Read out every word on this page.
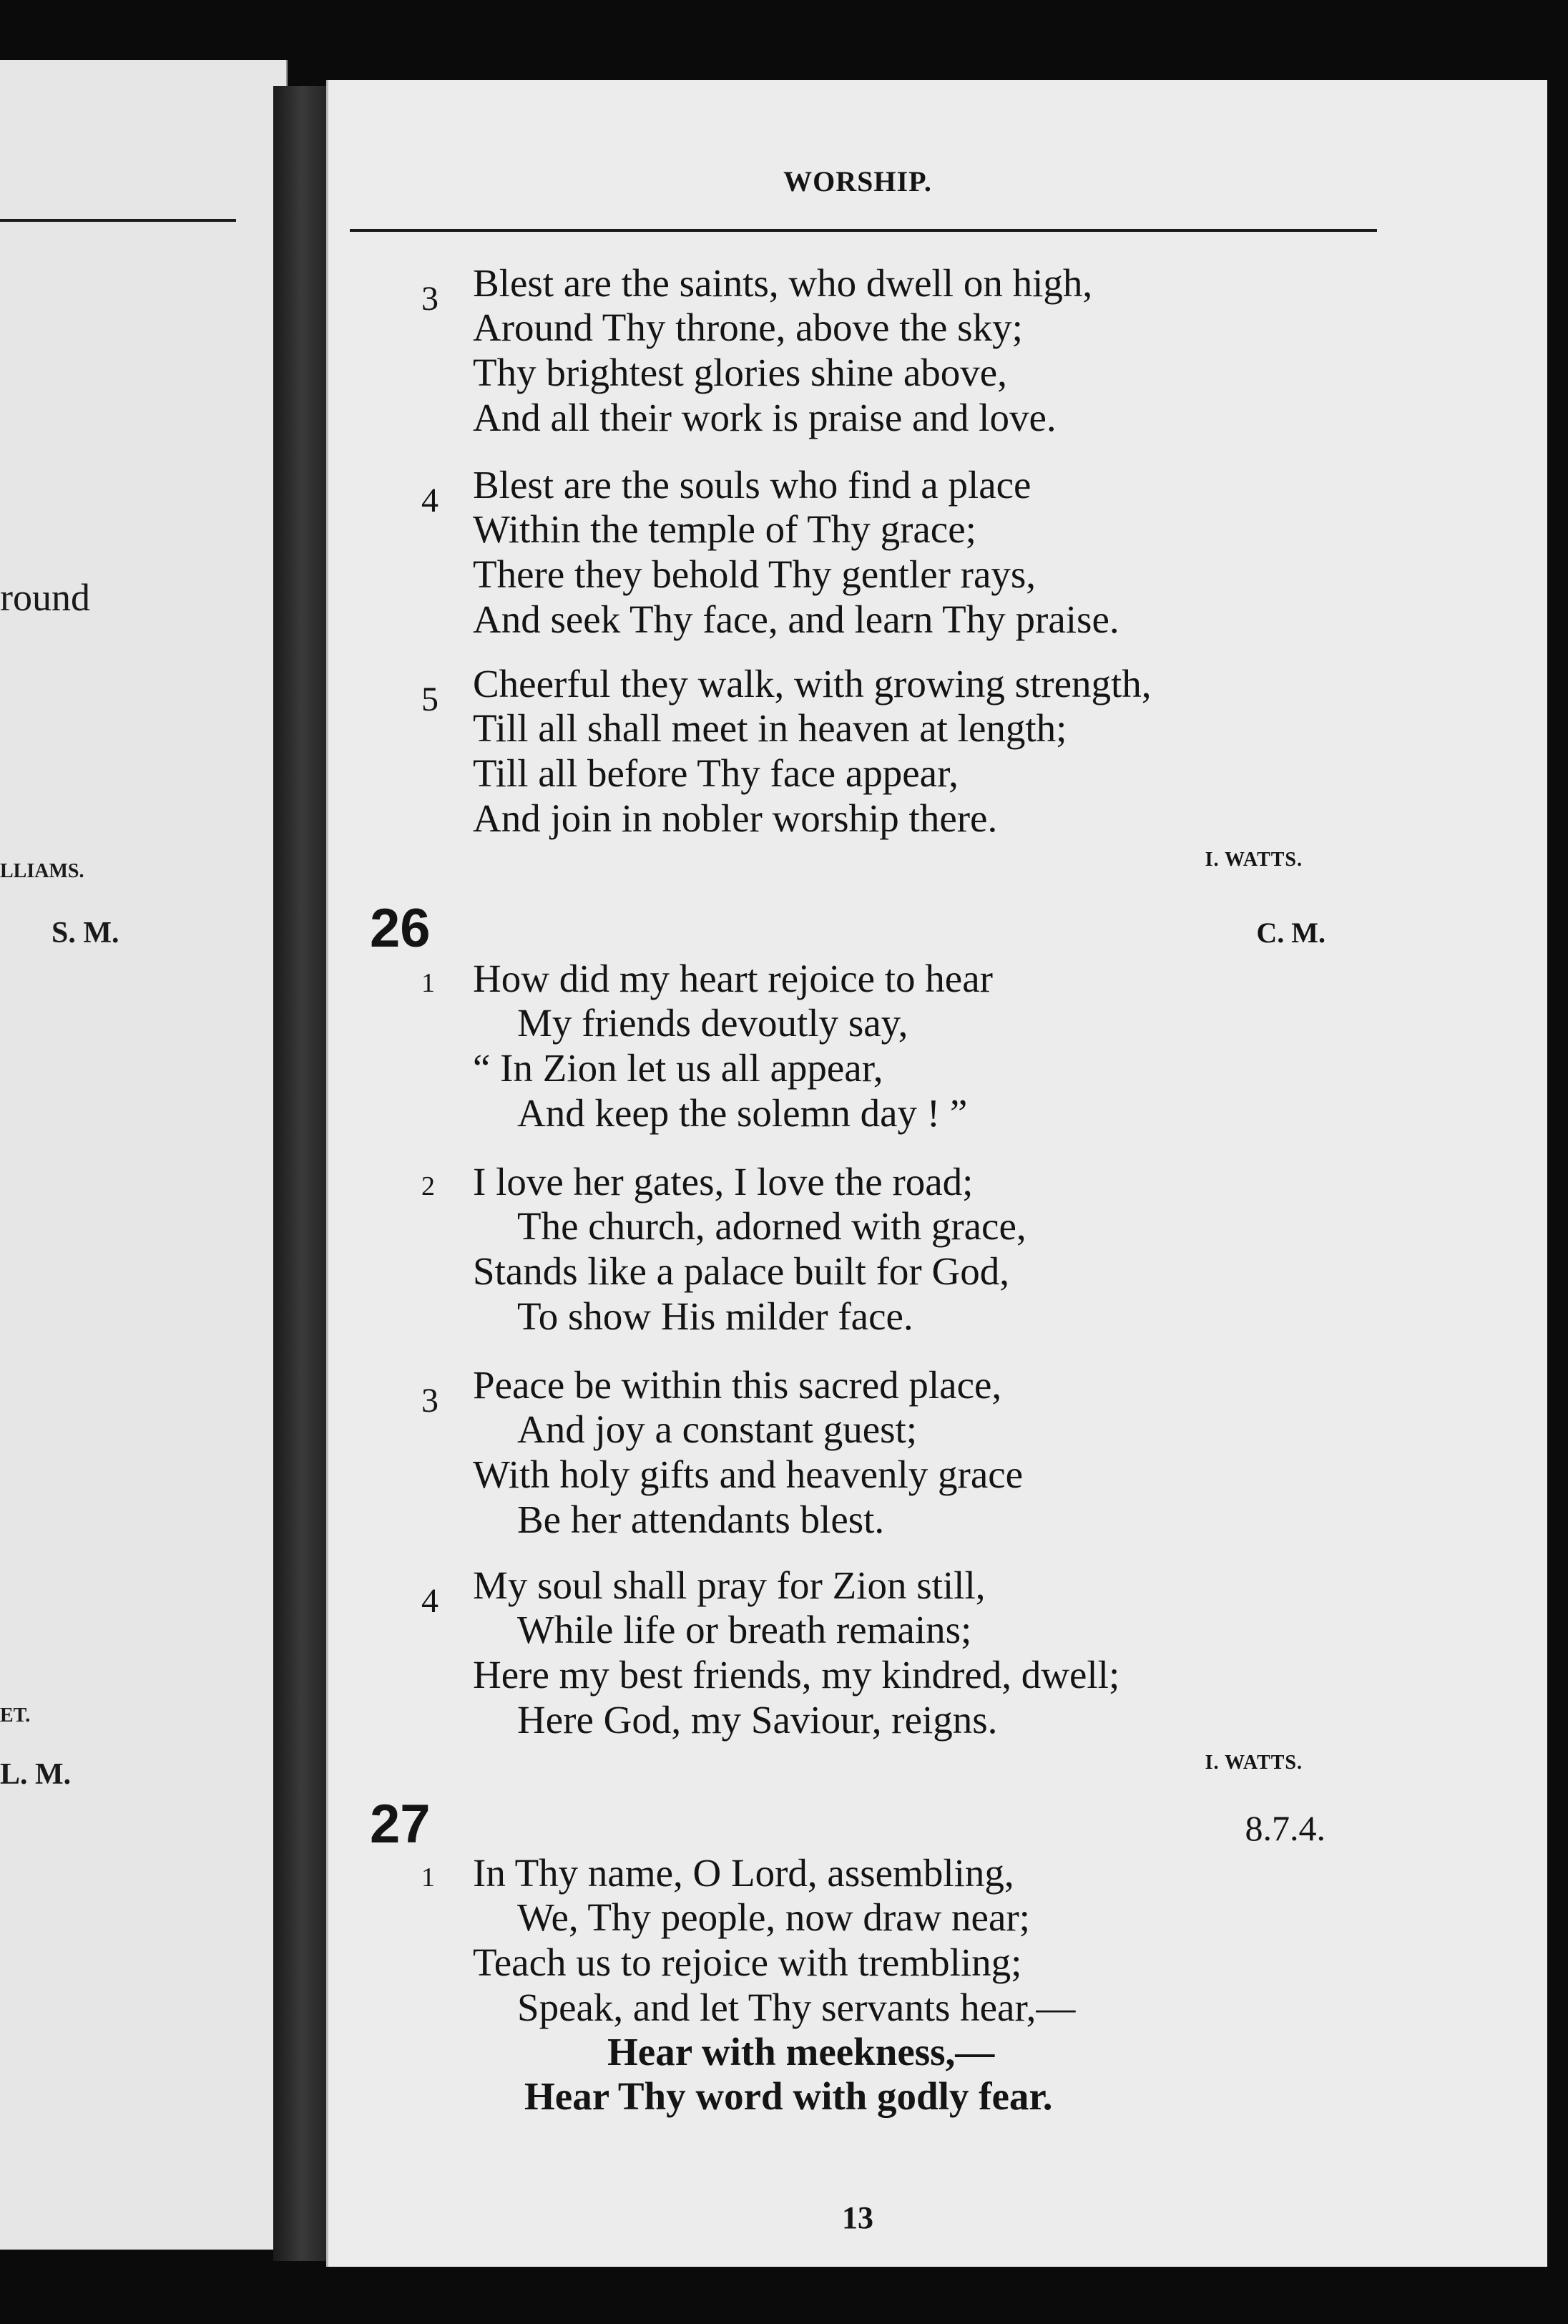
round
LLIAMS.
S. M.
ET.
L. M.
WORSHIP.
3 Blest are the saints, who dwell on high,
Around Thy throne, above the sky;
Thy brightest glories shine above,
And all their work is praise and love.
4 Blest are the souls who find a place
Within the temple of Thy grace;
There they behold Thy gentler rays,
And seek Thy face, and learn Thy praise.
5 Cheerful they walk, with growing strength,
Till all shall meet in heaven at length;
Till all before Thy face appear,
And join in nobler worship there.
I. WATTS.
26	C. M.
1 How did my heart rejoice to hear
My friends devoutly say,
“ In Zion let us all appear,
And keep the solemn day ! ”
2 I love her gates, I love the road;
The church, adorned with grace,
Stands like a palace built for God,
To show His milder face.
3 Peace be within this sacred place,
And joy a constant guest;
With holy gifts and heavenly grace
Be her attendants blest.
4 My soul shall pray for Zion still,
While life or breath remains;
Here my best friends, my kindred, dwell;
Here God, my Saviour, reigns.
I. WATTS.
27	8.7.4.
1 In Thy name, O Lord, assembling,
We, Thy people, now draw near;
Teach us to rejoice with trembling;
Speak, and let Thy servants hear,—
Hear with meekness,—
Hear Thy word with godly fear.
13
